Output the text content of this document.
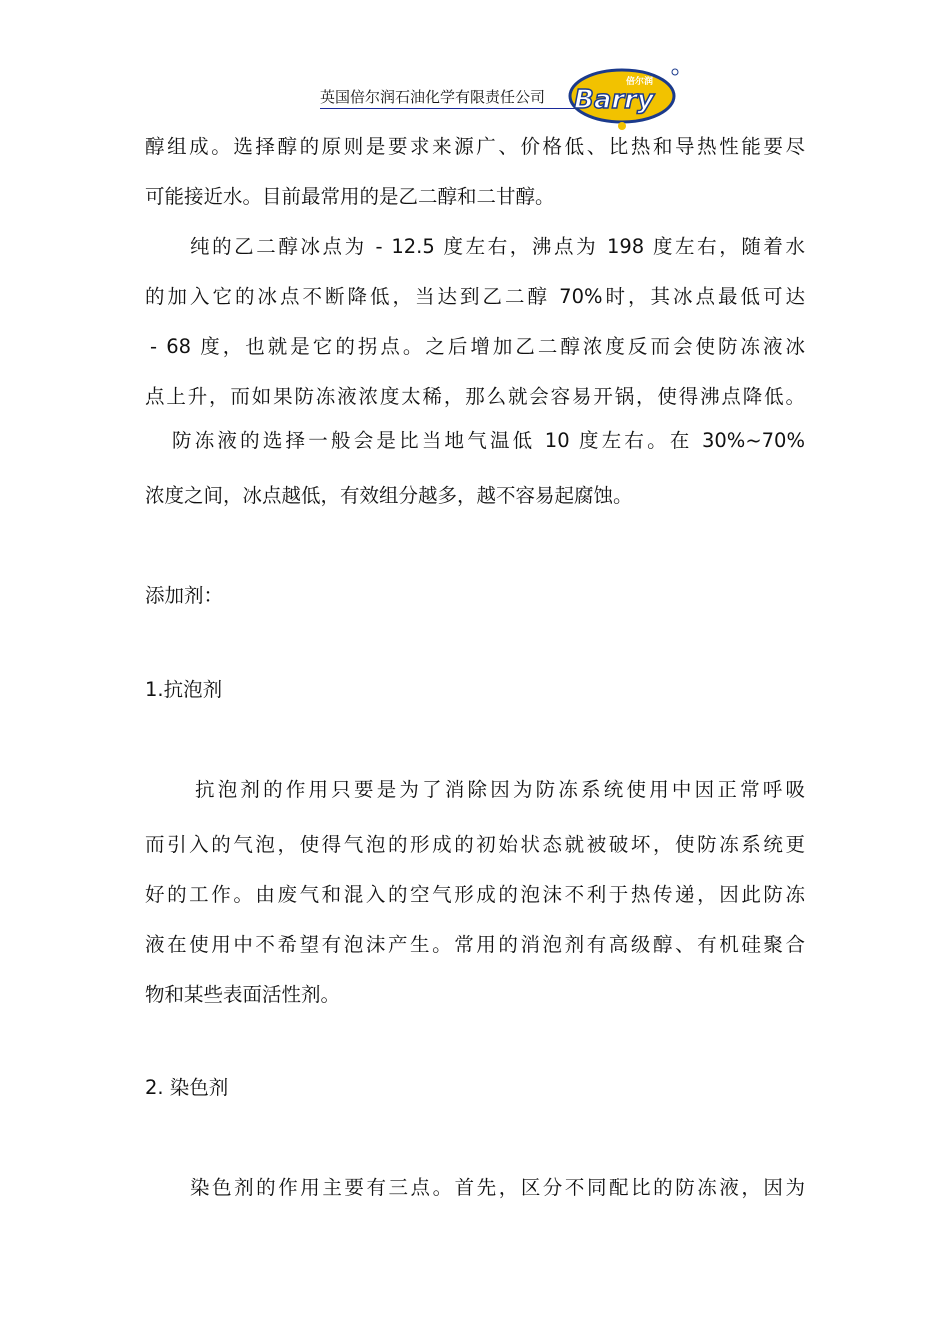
英国倍尔润石油化学有限责任公司
倍尔润
Barry
醇组成。选择醇的原则是要求来源广、价格低、比热和导热性能要尽
可能接近水。目前最常用的是乙二醇和二甘醇。
纯的乙二醇冰点为 - 12.5 度左右，沸点为 198 度左右，随着水
的加入它的冰点不断降低，当达到乙二醇 70%时，其冰点最低可达
- 68 度，也就是它的拐点。之后增加乙二醇浓度反而会使防冻液冰
点上升，而如果防冻液浓度太稀，那么就会容易开锅，使得沸点降低。
防冻液的选择一般会是比当地气温低 10 度左右。在 30%~70%
浓度之间，冰点越低，有效组分越多，越不容易起腐蚀。
添加剂：
1.抗泡剂
抗泡剂的作用只要是为了消除因为防冻系统使用中因正常呼吸
而引入的气泡，使得气泡的形成的初始状态就被破坏，使防冻系统更
好的工作。由废气和混入的空气形成的泡沫不利于热传递，因此防冻
液在使用中不希望有泡沫产生。常用的消泡剂有高级醇、有机硅聚合
物和某些表面活性剂。
2. 染色剂
染色剂的作用主要有三点。首先，区分不同配比的防冻液，因为
